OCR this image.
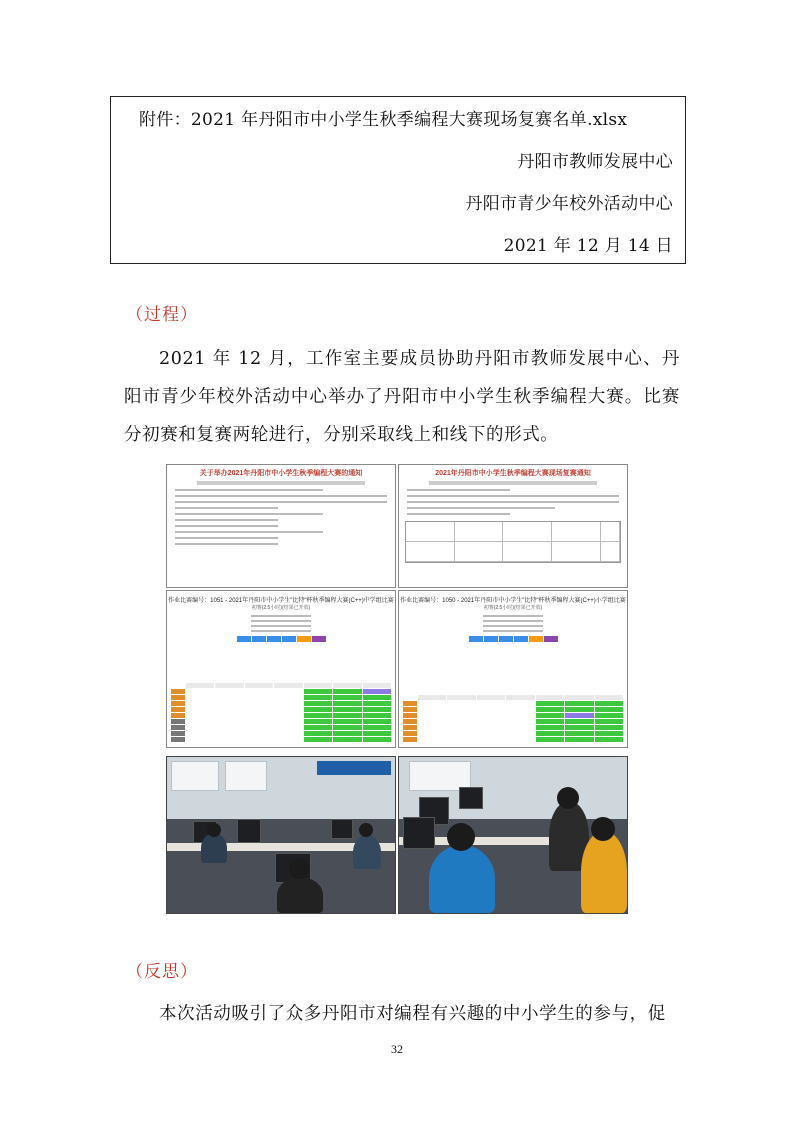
附件：2021 年丹阳市中小学生秋季编程大赛现场复赛名单.xlsx
丹阳市教师发展中心
丹阳市青少年校外活动中心
2021 年 12 月 14 日
（过程）
2021 年 12 月，工作室主要成员协助丹阳市教师发展中心、丹阳市青少年校外活动中心举办了丹阳市中小学生秋季编程大赛。比赛分初赛和复赛两轮进行，分别采取线上和线下的形式。
关于举办2021年丹阳市中小学生秋季编程大赛的通知	2021年丹阳市中小学生秋季编程大赛现场复赛通知
作业比赛编号：1051 - 2021年丹阳市中小学生"比特"杯秋季编程大赛(C++)中学组比赛
初赛(2.5小时)(结果已开放)
作业比赛编号：1050 - 2021年丹阳市中小学生"比特"杯秋季编程大赛(C++)小学组比赛
初赛(2.5小时)(结果已开放)
（反思）
本次活动吸引了众多丹阳市对编程有兴趣的中小学生的参与，促
32
